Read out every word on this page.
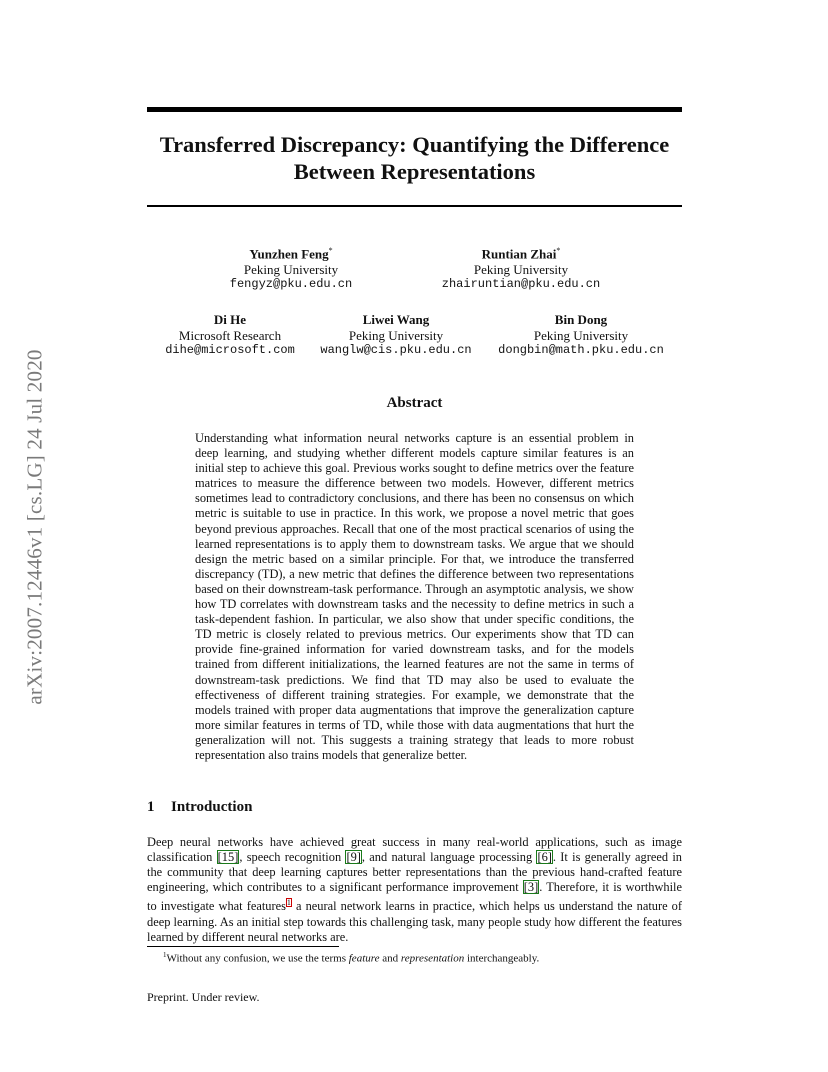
arXiv:2007.12446v1 [cs.LG] 24 Jul 2020
Transferred Discrepancy: Quantifying the Difference
Between Representations
Yunzhen Feng*
Peking University
fengyz@pku.edu.cn
Runtian Zhai*
Peking University
zhairuntian@pku.edu.cn
Di He
Microsoft Research
dihe@microsoft.com
Liwei Wang
Peking University
wanglw@cis.pku.edu.cn
Bin Dong
Peking University
dongbin@math.pku.edu.cn
Abstract

Understanding what information neural networks capture is an essential problem in deep learning, and studying whether different models capture similar features is an initial step to achieve this goal. Previous works sought to define metrics over the feature matrices to measure the difference between two models. However, different metrics sometimes lead to contradictory conclusions, and there has been no consensus on which metric is suitable to use in practice. In this work, we propose a novel metric that goes beyond previous approaches. Recall that one of the most practical scenarios of using the learned representations is to apply them to downstream tasks. We argue that we should design the metric based on a similar principle. For that, we introduce the transferred discrepancy (TD), a new metric that defines the difference between two representations based on their downstream-task performance. Through an asymptotic analysis, we show how TD correlates with downstream tasks and the necessity to define metrics in such a task-dependent fashion. In particular, we also show that under specific conditions, the TD metric is closely related to previous metrics. Our experiments show that TD can provide fine-grained information for varied downstream tasks, and for the models trained from different initializations, the learned features are not the same in terms of downstream-task predictions. We find that TD may also be used to evaluate the effectiveness of different training strategies. For example, we demonstrate that the models trained with proper data augmentations that improve the generalization capture more similar features in terms of TD, while those with data augmentations that hurt the generalization will not. This suggests a training strategy that leads to more robust representation also trains models that generalize better.

1 Introduction

Deep neural networks have achieved great success in many real-world applications, such as image classification [15], speech recognition [9], and natural language processing [6]. It is generally agreed in the community that deep learning captures better representations than the previous hand-crafted feature engineering, which contributes to a significant performance improvement [3]. Therefore, it is worthwhile to investigate what features$^1$ a neural network learns in practice, which helps us understand the nature of deep learning. As an initial step towards this challenging task, many people study how different the features learned by different neural networks are.

$^1$Without any confusion, we use the terms feature and representation interchangeably.
Preprint. Under review.
